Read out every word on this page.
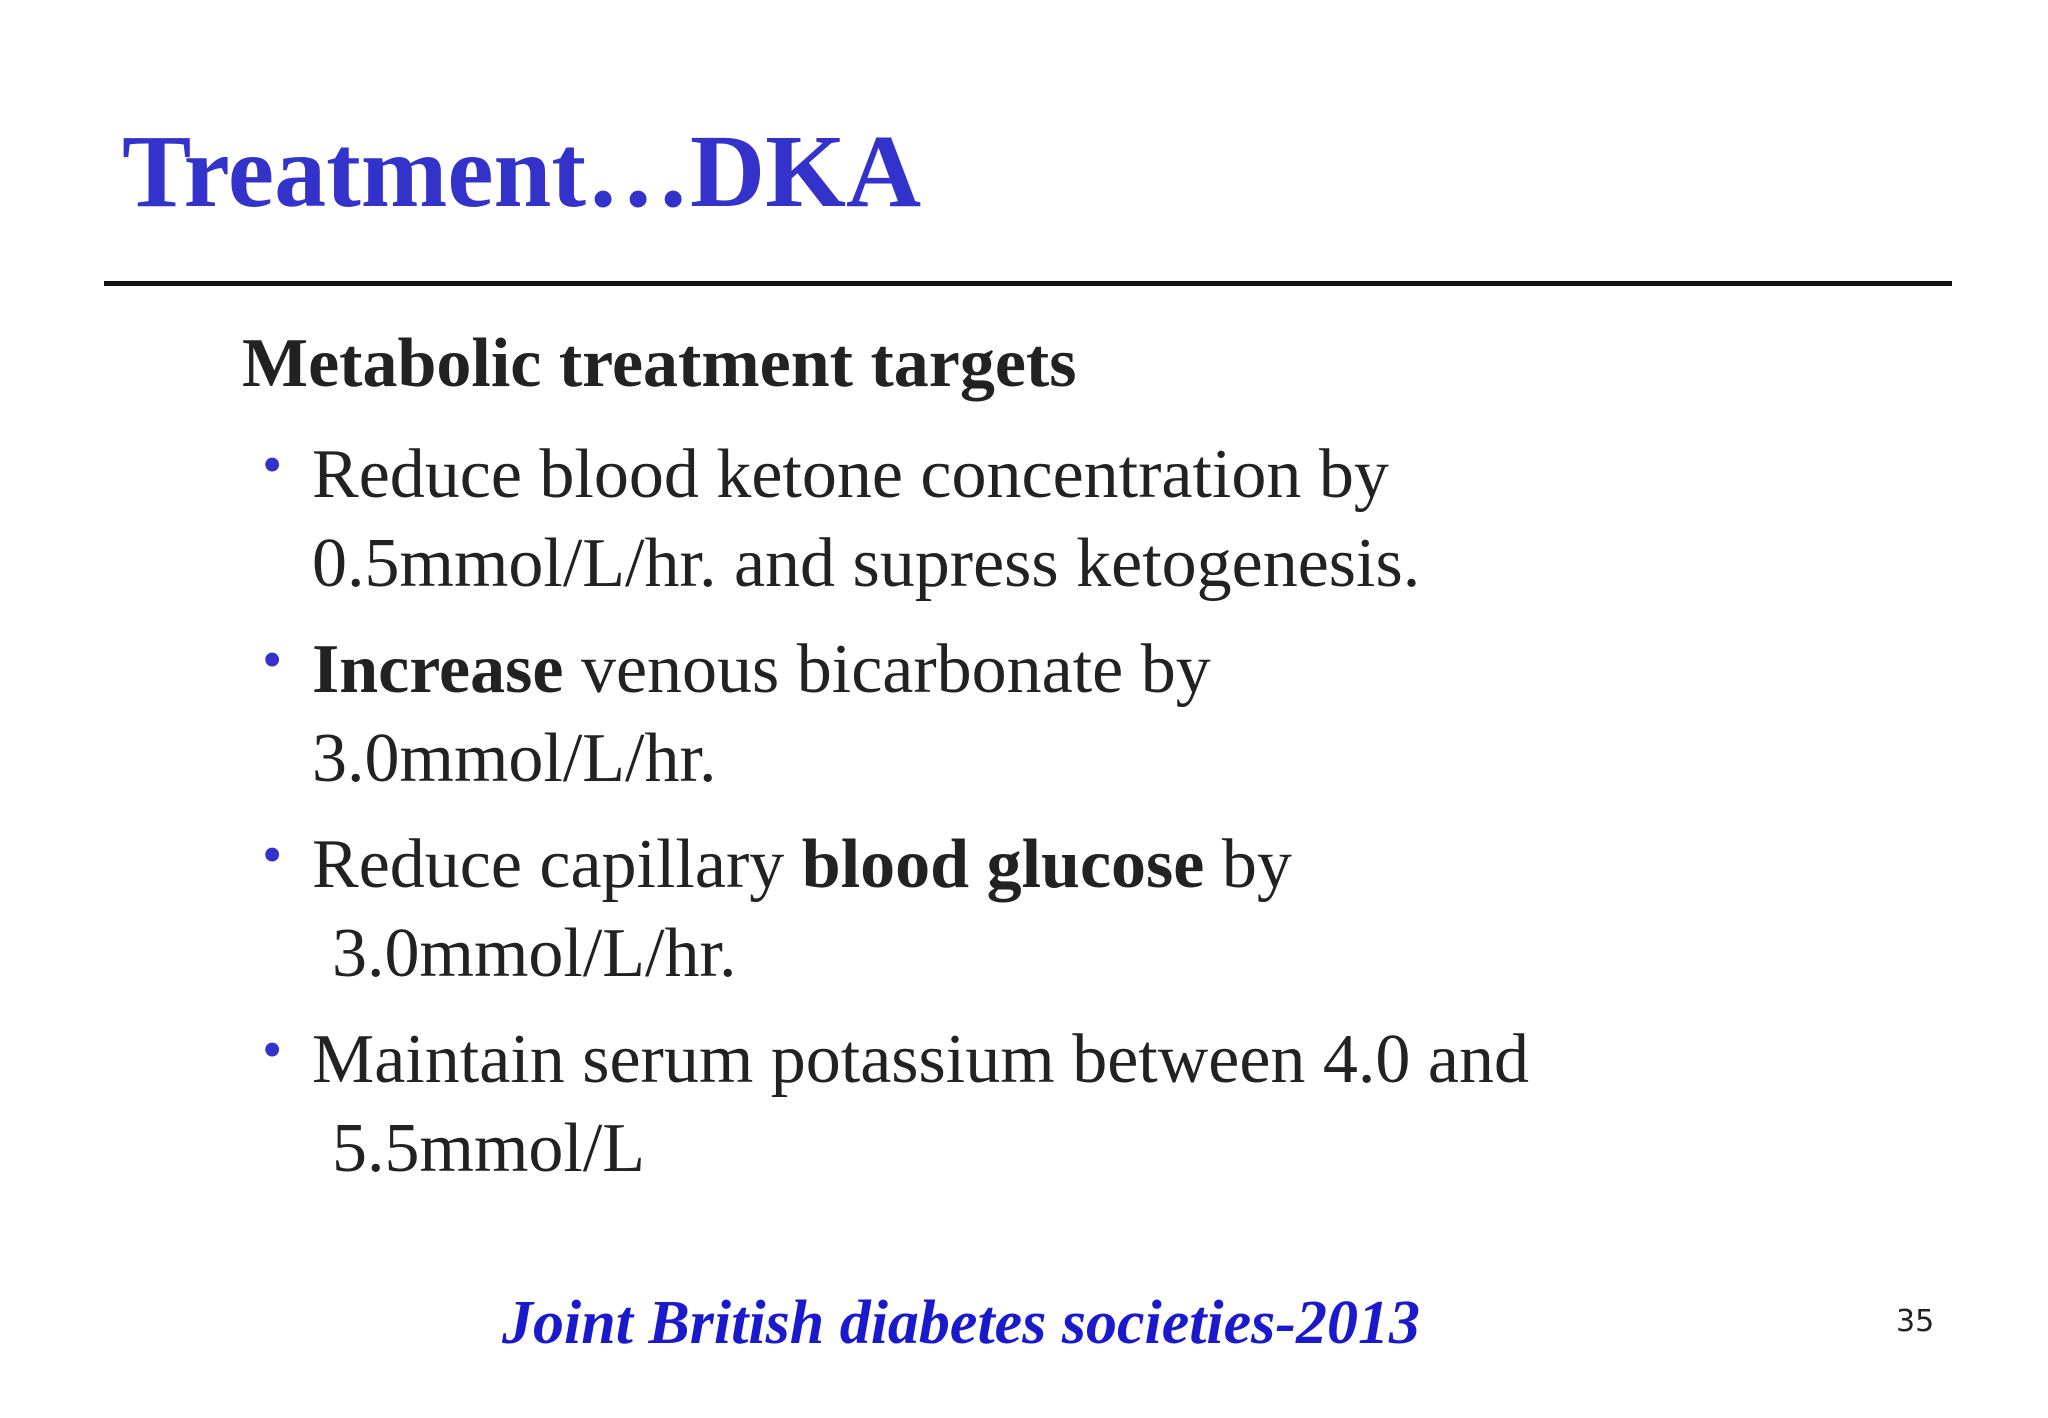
Treatment…DKA
Metabolic treatment targets
• Reduce blood ketone concentration by
0.5mmol/L/hr. and supress ketogenesis.
• Increase venous bicarbonate by
3.0mmol/L/hr.
• Reduce capillary blood glucose by
3.0mmol/L/hr.
• Maintain serum potassium between 4.0 and
5.5mmol/L

Joint British diabetes societies-2013	35
